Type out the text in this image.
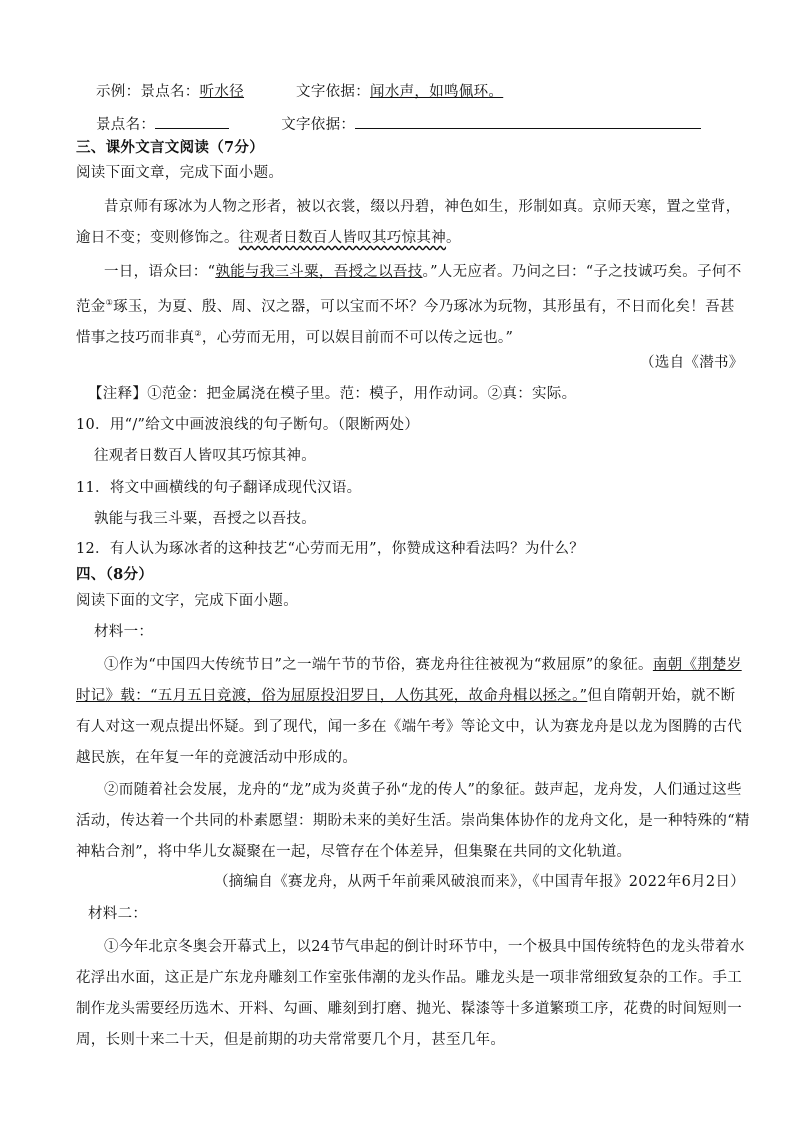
示例：景点名：听水径	文字依据：闻水声，如鸣佩环。
景点名：	文字依据：
三、课外文言文阅读（7分）
阅读下面文章，完成下面小题。
昔京师有琢冰为人物之形者，被以衣裳，缀以丹碧，神色如生，形制如真。京师天寒，置之堂背，
逾日不变；变则修饰之。往观者日数百人皆叹其巧惊其神。
一日，语众曰：“孰能与我三斗粟，吾授之以吾技。”人无应者。乃问之曰：“子之技诚巧矣。子何不
范金①琢玉，为夏、殷、周、汉之器，可以宝而不坏？今乃琢冰为玩物，其形虽有，不日而化矣！吾甚
惜事之技巧而非真②，心劳而无用，可以娱目前而不可以传之远也。”
（选自《潜书》
【注释】①范金：把金属浇在模子里。范：模子，用作动词。②真：实际。
10．用“/”给文中画波浪线的句子断句。（限断两处）
往观者日数百人皆叹其巧惊其神。
11．将文中画横线的句子翻译成现代汉语。
孰能与我三斗粟，吾授之以吾技。
12．有人认为琢冰者的这种技艺“心劳而无用”，你赞成这种看法吗？为什么？
四、（8分）
阅读下面的文字，完成下面小题。
材料一：
①作为“中国四大传统节日”之一端午节的节俗，赛龙舟往往被视为“救屈原”的象征。南朝《荆楚岁
时记》载：“五月五日竞渡，俗为屈原投汨罗日，人伤其死，故命舟楫以拯之。”但自隋朝开始，就不断
有人对这一观点提出怀疑。到了现代，闻一多在《端午考》等论文中，认为赛龙舟是以龙为图腾的古代
越民族，在年复一年的竞渡活动中形成的。
②而随着社会发展，龙舟的“龙”成为炎黄子孙“龙的传人”的象征。鼓声起，龙舟发，人们通过这些
活动，传达着一个共同的朴素愿望：期盼未来的美好生活。崇尚集体协作的龙舟文化，是一种特殊的“精
神粘合剂”，将中华儿女凝聚在一起，尽管存在个体差异，但集聚在共同的文化轨道。
（摘编自《赛龙舟，从两千年前乘风破浪而来》，《中国青年报》2022年6月2日）
材料二：
①今年北京冬奥会开幕式上，以24节气串起的倒计时环节中，一个极具中国传统特色的龙头带着水
花浮出水面，这正是广东龙舟雕刻工作室张伟潮的龙头作品。雕龙头是一项非常细致复杂的工作。手工
制作龙头需要经历选木、开料、勾画、雕刻到打磨、抛光、髹漆等十多道繁琐工序，花费的时间短则一
周，长则十来二十天，但是前期的功夫常常要几个月，甚至几年。
